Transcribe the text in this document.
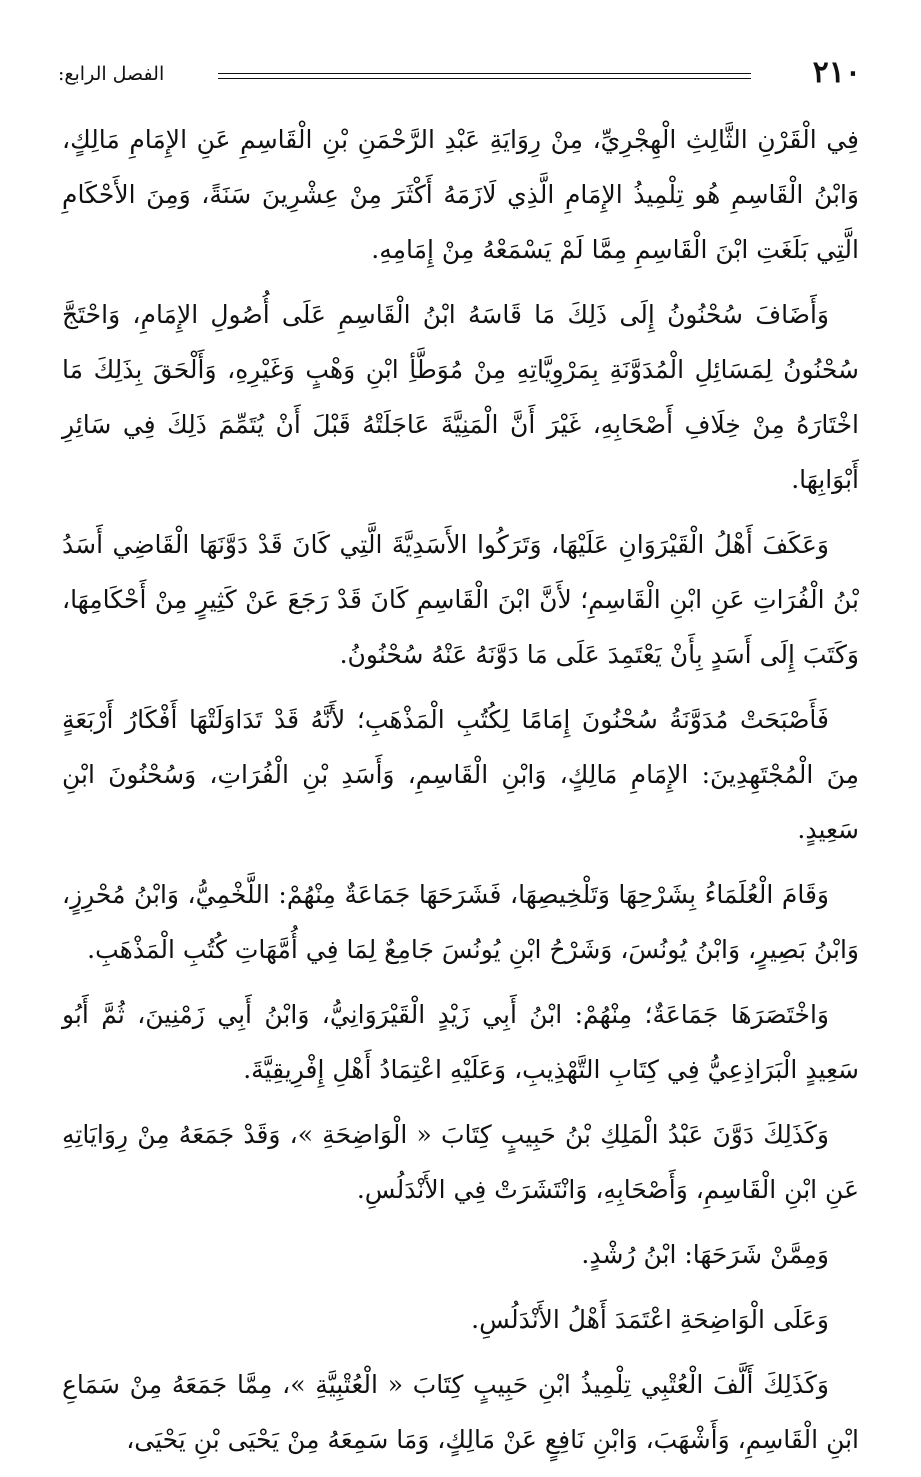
٢١٠
الفصل الرابع:

فِي الْقَرْنِ الثَّالِثِ الْهِجْرِيِّ، مِنْ رِوَايَةِ عَبْدِ الرَّحْمَنِ بْنِ الْقَاسِمِ عَنِ الإِمَامِ مَالِكٍ، وَابْنُ الْقَاسِمِ هُو تِلْمِيذُ الإِمَامِ الَّذِي لَازَمَهُ أَكْثَرَ مِنْ عِشْرِينَ سَنَةً، وَمِنَ الأَحْكَامِ الَّتِي بَلَغَتِ ابْنَ الْقَاسِمِ مِمَّا لَمْ يَسْمَعْهُ مِنْ إِمَامِهِ.

وَأَضَافَ سُحْنُونُ إِلَى ذَلِكَ مَا قَاسَهُ ابْنُ الْقَاسِمِ عَلَى أُصُولِ الإِمَامِ، وَاحْتَجَّ سُحْنُونُ لِمَسَائِلِ الْمُدَوَّنَةِ بِمَرْوِيَّاتِهِ مِنْ مُوَطَّأِ ابْنِ وَهْبٍ وَغَيْرِهِ، وَأَلْحَقَ بِذَلِكَ مَا اخْتَارَهُ مِنْ خِلَافِ أَصْحَابِهِ، غَيْرَ أَنَّ الْمَنِيَّةَ عَاجَلَتْهُ قَبْلَ أَنْ يُتَمِّمَ ذَلِكَ فِي سَائِرِ أَبْوَابِهَا.

وَعَكَفَ أَهْلُ الْقَيْرَوَانِ عَلَيْهَا، وَتَرَكُوا الأَسَدِيَّةَ الَّتِي كَانَ قَدْ دَوَّنَهَا الْقَاضِي أَسَدُ بْنُ الْفُرَاتِ عَنِ ابْنِ الْقَاسِمِ؛ لأَنَّ ابْنَ الْقَاسِمِ كَانَ قَدْ رَجَعَ عَنْ كَثِيرٍ مِنْ أَحْكَامِهَا، وَكَتَبَ إِلَى أَسَدٍ بِأَنْ يَعْتَمِدَ عَلَى مَا دَوَّنَهُ عَنْهُ سُحْنُونُ.

فَأَصْبَحَتْ مُدَوَّنَةُ سُحْنُونَ إِمَامًا لِكُتُبِ الْمَذْهَبِ؛ لأَنَّهُ قَدْ تَدَاوَلَتْهَا أَفْكَارُ أَرْبَعَةٍ مِنَ الْمُجْتَهِدِينَ: الإِمَامِ مَالِكٍ، وَابْنِ الْقَاسِمِ، وَأَسَدِ بْنِ الْفُرَاتِ، وَسُحْنُونَ ابْنِ سَعِيدٍ.

وَقَامَ الْعُلَمَاءُ بِشَرْحِهَا وَتَلْخِيصِهَا، فَشَرَحَهَا جَمَاعَةٌ مِنْهُمْ: اللَّخْمِيُّ، وَابْنُ مُحْرِزٍ، وَابْنُ بَصِيرٍ، وَابْنُ يُونُسَ، وَشَرْحُ ابْنِ يُونُسَ جَامِعٌ لِمَا فِي أُمَّهَاتِ كُتُبِ الْمَذْهَبِ.

وَاخْتَصَرَهَا جَمَاعَةٌ؛ مِنْهُمْ: ابْنُ أَبِي زَيْدٍ الْقَيْرَوَانِيُّ، وَابْنُ أَبِي زَمْنِينَ، ثُمَّ أَبُو سَعِيدٍ الْبَرَاذِعِيُّ فِي كِتَابِ التَّهْذِيبِ، وَعَلَيْهِ اعْتِمَادُ أَهْلِ إِفْرِيقِيَّةَ.

وَكَذَلِكَ دَوَّنَ عَبْدُ الْمَلِكِ بْنُ حَبِيبٍ كِتَابَ « الْوَاضِحَةِ »، وَقَدْ جَمَعَهُ مِنْ رِوَايَاتِهِ عَنِ ابْنِ الْقَاسِمِ، وَأَصْحَابِهِ، وَانْتَشَرَتْ فِي الأَنْدَلُسِ.

وَمِمَّنْ شَرَحَهَا: ابْنُ رُشْدٍ.

وَعَلَى الْوَاضِحَةِ اعْتَمَدَ أَهْلُ الأَنْدَلُسِ.

وَكَذَلِكَ أَلَّفَ الْعُتْبِي تِلْمِيذُ ابْنِ حَبِيبٍ كِتَابَ « الْعُتْبِيَّةِ »، مِمَّا جَمَعَهُ مِنْ سَمَاعِ ابْنِ الْقَاسِمِ، وَأَشْهَبَ، وَابْنِ نَافِعٍ عَنْ مَالِكٍ، وَمَا سَمِعَهُ مِنْ يَحْيَى بْنِ يَحْيَى،
